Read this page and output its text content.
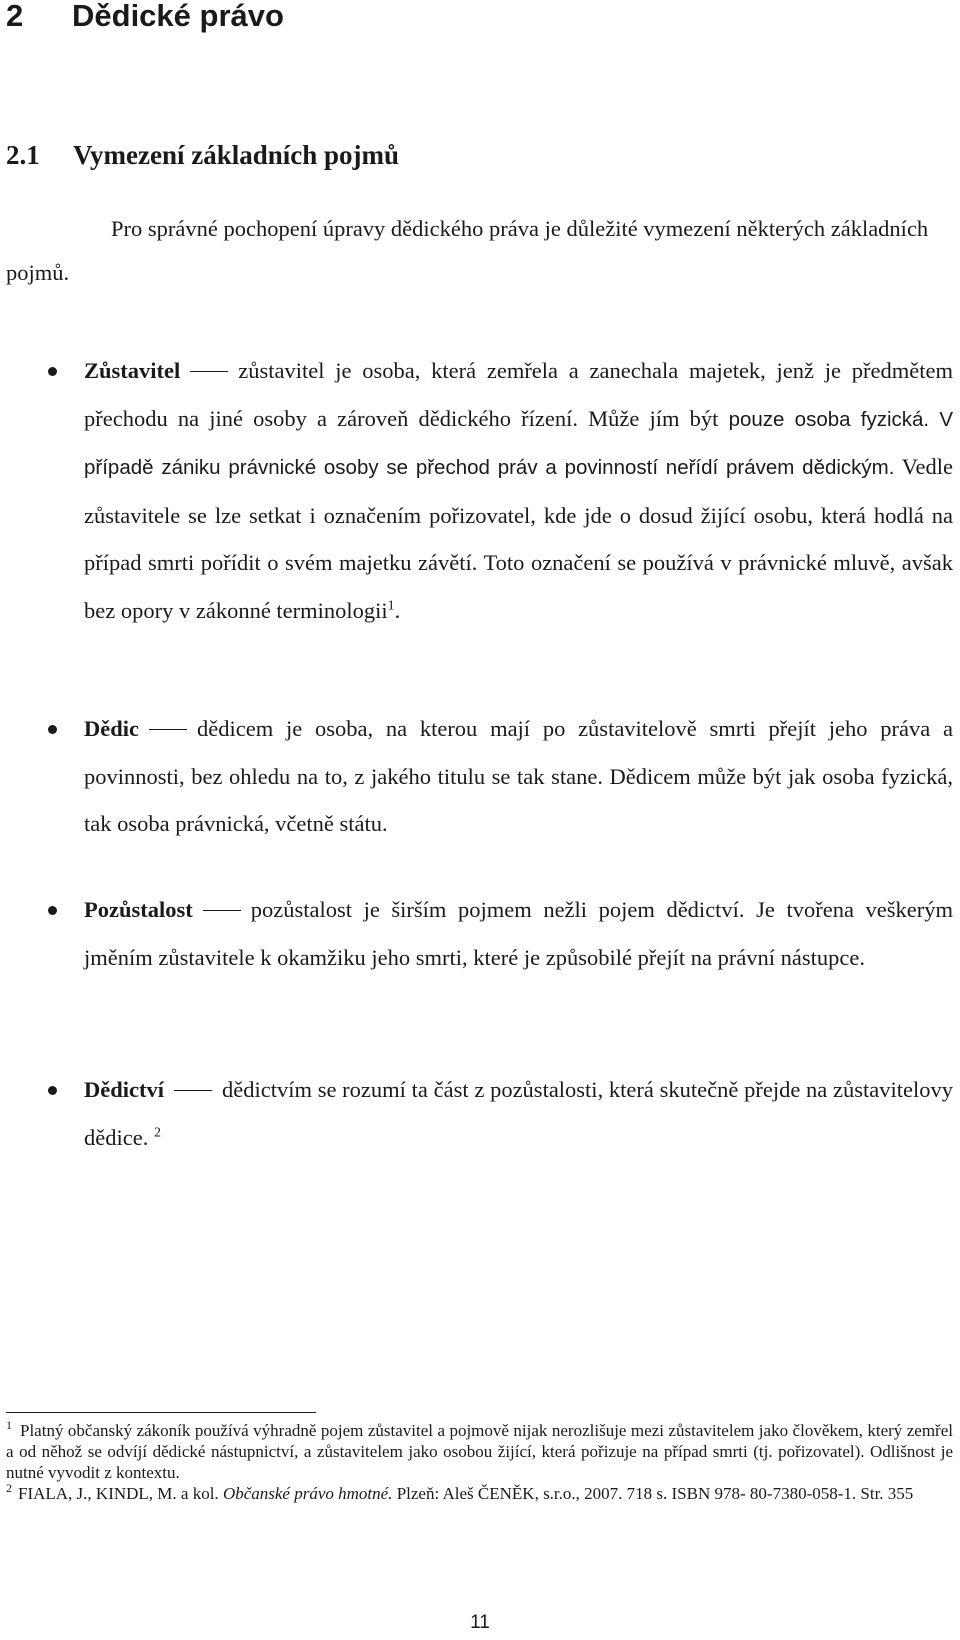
2 Dědické právo
2.1 Vymezení základních pojmů

Pro správné pochopení úpravy dědického práva je důležité vymezení některých základních pojmů.

Zůstavitel	zůstavitel je osoba, která zemřela a zanechala majetek, jenž je předmětem přechodu na jiné osoby a zároveň dědického řízení. Může jím být pouze osoba fyzická. V případě zániku právnické osoby se přechod práv a povinností neřídí právem dědickým. Vedle zůstavitele se lze setkat i označením pořizovatel, kde jde o dosud žijící osobu, která hodlá na případ smrti pořídit o svém majetku závětí. Toto označení se používá v právnické mluvě, avšak bez opory v zákonné terminologii$^1$.
Dědic	dědicem je osoba, na kterou mají po zůstavitelově smrti přejít jeho práva a povinnosti, bez ohledu na to, z jakého titulu se tak stane. Dědicem může být jak osoba fyzická, tak osoba právnická, včetně státu.
Pozůstalost	pozůstalost je širším pojmem nežli pojem dědictví. Je tvořena veškerým jměním zůstavitele k okamžiku jeho smrti, které je způsobilé přejít na právní nástupce.
Dědictví	dědictvím se rozumí ta část z pozůstalosti, která skutečně přejde na zůstavitelovy dědice. $^2$

$^1$ Platný občanský zákoník používá výhradně pojem zůstavitel a pojmově nijak nerozlišuje mezi zůstavitelem jako člověkem, který zemřel a od něhož se odvíjí dědické nástupnictví, a zůstavitelem jako osobou žijící, která pořizuje na případ smrti (tj. pořizovatel). Odlišnost je nutné vyvodit z kontextu.

$^2$ FIALA, J., KINDL, M. a kol. Občanské právo hmotné. Plzeň: Aleš ČENĚK, s.r.o., 2007. 718 s. ISBN 978- 80-7380-058-1. Str. 355

11
